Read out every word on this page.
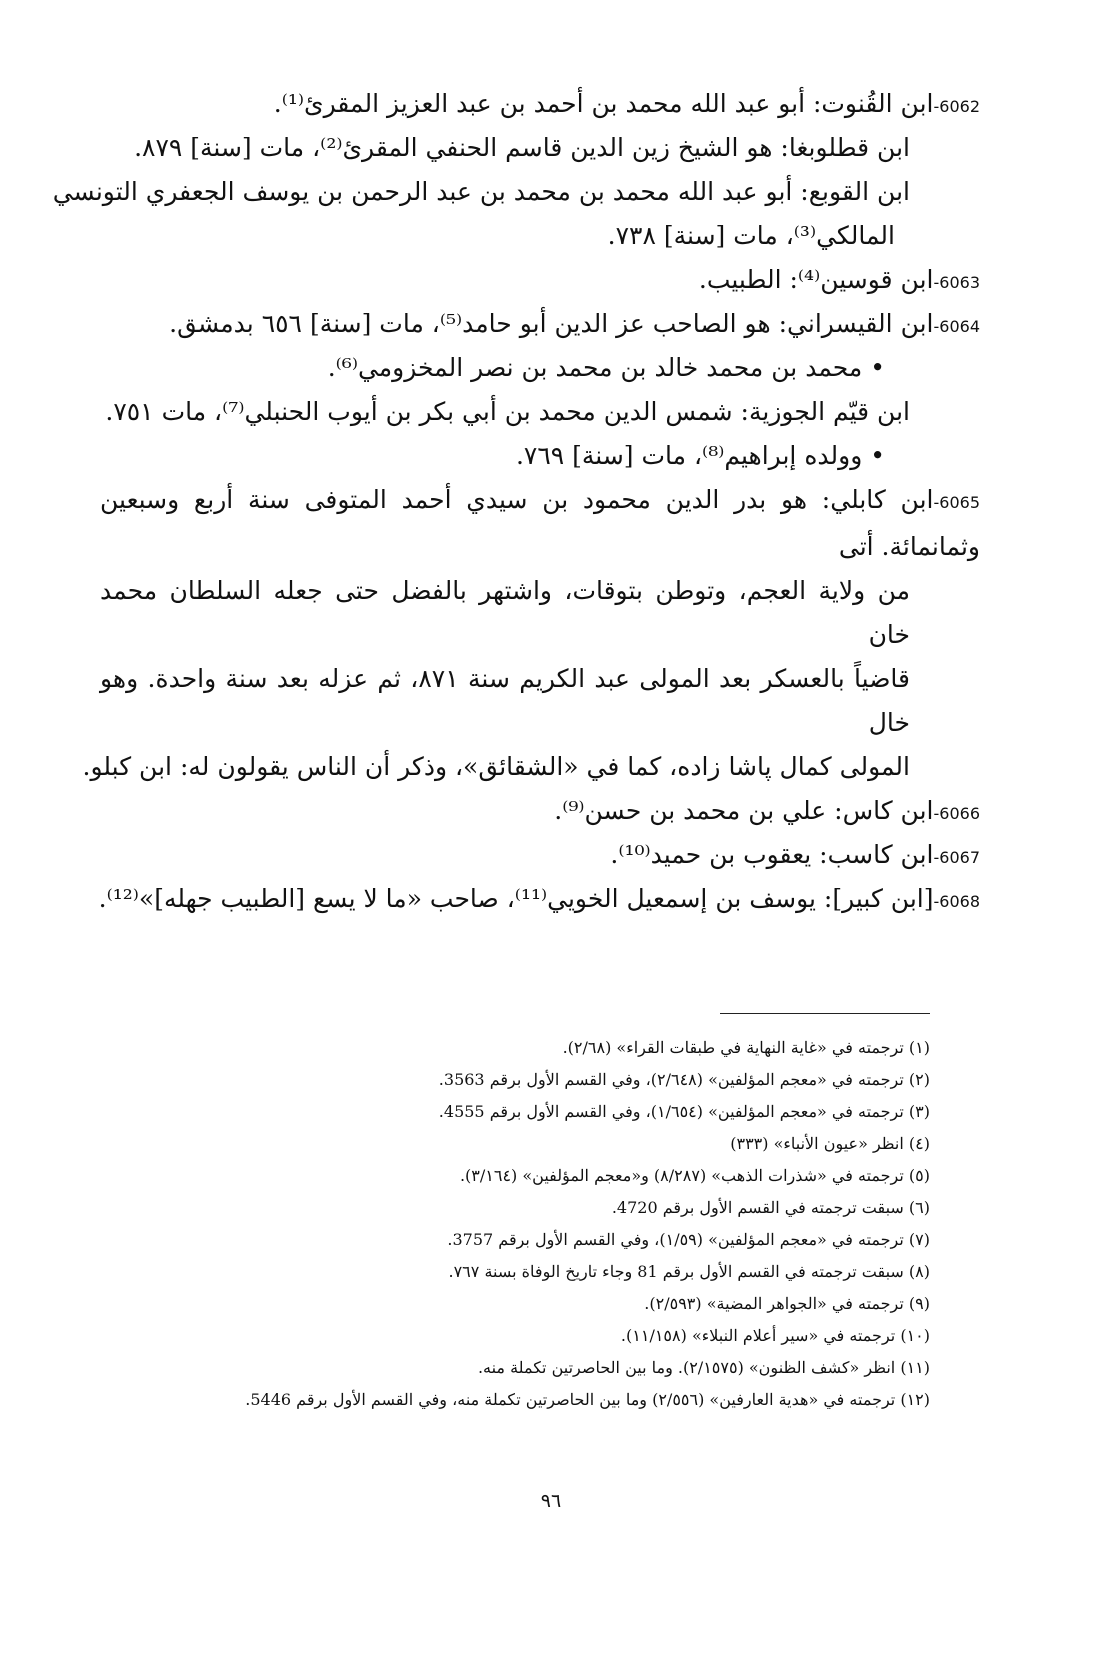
6062-ابن القُنوت: أبو عبد الله محمد بن أحمد بن عبد العزيز المقرئ⁽¹⁾.
ابن قطلوبغا: هو الشيخ زين الدين قاسم الحنفي المقرئ⁽²⁾، مات [سنة] ٨٧٩.
ابن القوبع: أبو عبد الله محمد بن محمد بن عبد الرحمن بن يوسف الجعفري التونسي
المالكي⁽³⁾، مات [سنة] ٧٣٨.
6063-ابن قوسين⁽⁴⁾: الطبيب.
6064-ابن القيسراني: هو الصاحب عز الدين أبو حامد⁽⁵⁾، مات [سنة] ٦٥٦ بدمشق.
• محمد بن محمد خالد بن محمد بن نصر المخزومي⁽⁶⁾.
ابن قيّم الجوزية: شمس الدين محمد بن أبي بكر بن أيوب الحنبلي⁽⁷⁾، مات ٧٥١.
• وولده إبراهيم⁽⁸⁾، مات [سنة] ٧٦٩.
6065-ابن كابلي: هو بدر الدين محمود بن سيدي أحمد المتوفى سنة أربع وسبعين وثمانمائة. أتى
من ولاية العجم، وتوطن بتوقات، واشتهر بالفضل حتى جعله السلطان محمد خان
قاضياً بالعسكر بعد المولى عبد الكريم سنة ٨٧١، ثم عزله بعد سنة واحدة. وهو خال
المولى كمال پاشا زاده، كما في «الشقائق»، وذكر أن الناس يقولون له: ابن كبلو.
6066-ابن كاس: علي بن محمد بن حسن⁽⁹⁾.
6067-ابن كاسب: يعقوب بن حميد⁽¹⁰⁾.
6068-[ابن كبير]: يوسف بن إسمعيل الخويي⁽¹¹⁾، صاحب «ما لا يسع [الطبيب جهله]»⁽¹²⁾.
(١) ترجمته في «غاية النهاية في طبقات القراء» (٢/٦٨).
(٢) ترجمته في «معجم المؤلفين» (٢/٦٤٨)، وفي القسم الأول برقم 3563.
(٣) ترجمته في «معجم المؤلفين» (١/٦٥٤)، وفي القسم الأول برقم 4555.
(٤) انظر «عيون الأنباء» (٣٣٣)
(٥) ترجمته في «شذرات الذهب» (٨/٢٨٧) و«معجم المؤلفين» (٣/١٦٤).
(٦) سبقت ترجمته في القسم الأول برقم 4720.
(٧) ترجمته في «معجم المؤلفين» (١/٥٩)، وفي القسم الأول برقم 3757.
(٨) سبقت ترجمته في القسم الأول برقم 81 وجاء تاريخ الوفاة بسنة ٧٦٧.
(٩) ترجمته في «الجواهر المضية» (٢/٥٩٣).
(١٠) ترجمته في «سير أعلام النبلاء» (١١/١٥٨).
(١١) انظر «كشف الظنون» (٢/١٥٧٥). وما بين الحاصرتين تكملة منه.
(١٢) ترجمته في «هدية العارفين» (٢/٥٥٦) وما بين الحاصرتين تكملة منه، وفي القسم الأول برقم 5446.
٩٦
